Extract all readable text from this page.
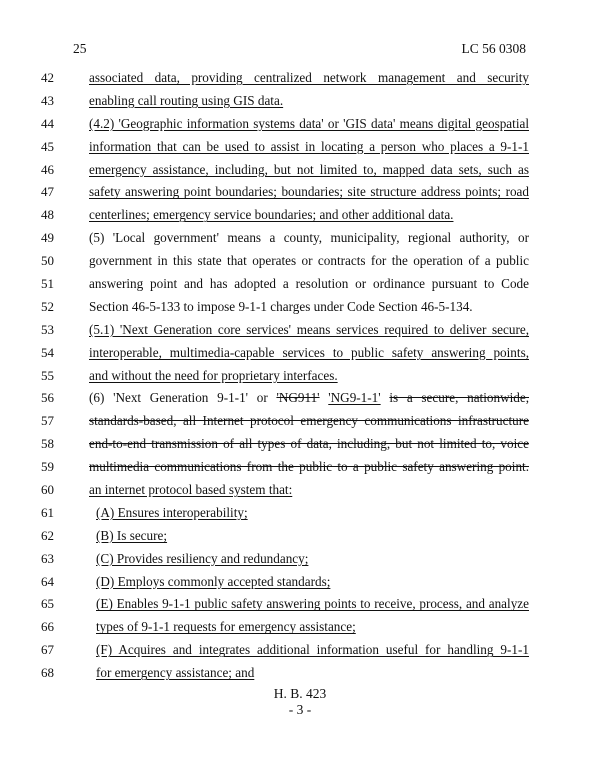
25	LC 56 0308
42	associated data, providing centralized network management and security
43	enabling call routing using GIS data.
44	(4.2) 'Geographic information systems data' or 'GIS data' means digital geospatial
45	information that can be used to assist in locating a person who places a 9-1-1
46	emergency assistance, including, but not limited to, mapped data sets, such as
47	safety answering point boundaries; boundaries; site structure address points; road
48	centerlines; emergency service boundaries; and other additional data.
49	(5) 'Local government' means a county, municipality, regional authority, or
50	government in this state that operates or contracts for the operation of a public
51	answering point and has adopted a resolution or ordinance pursuant to Code
52	Section 46-5-133 to impose 9-1-1 charges under Code Section 46-5-134.
53	(5.1) 'Next Generation core services' means services required to deliver secure,
54	interoperable, multimedia-capable services to public safety answering points,
55	and without the need for proprietary interfaces.
56	(6) 'Next Generation 9-1-1' or 'NG911' 'NG9-1-1' is a secure, nationwide,
57	standards-based, all Internet protocol emergency communications infrastructure
58	end-to-end transmission of all types of data, including, but not limited to, voice
59	multimedia communications from the public to a public safety answering point.
60	an internet protocol based system that:
61	(A) Ensures interoperability;
62	(B) Is secure;
63	(C) Provides resiliency and redundancy;
64	(D) Employs commonly accepted standards;
65	(E) Enables 9-1-1 public safety answering points to receive, process, and analyze
66	types of 9-1-1 requests for emergency assistance;
67	(F) Acquires and integrates additional information useful for handling 9-1-1
68	for emergency assistance; and
H. B. 423
- 3 -
